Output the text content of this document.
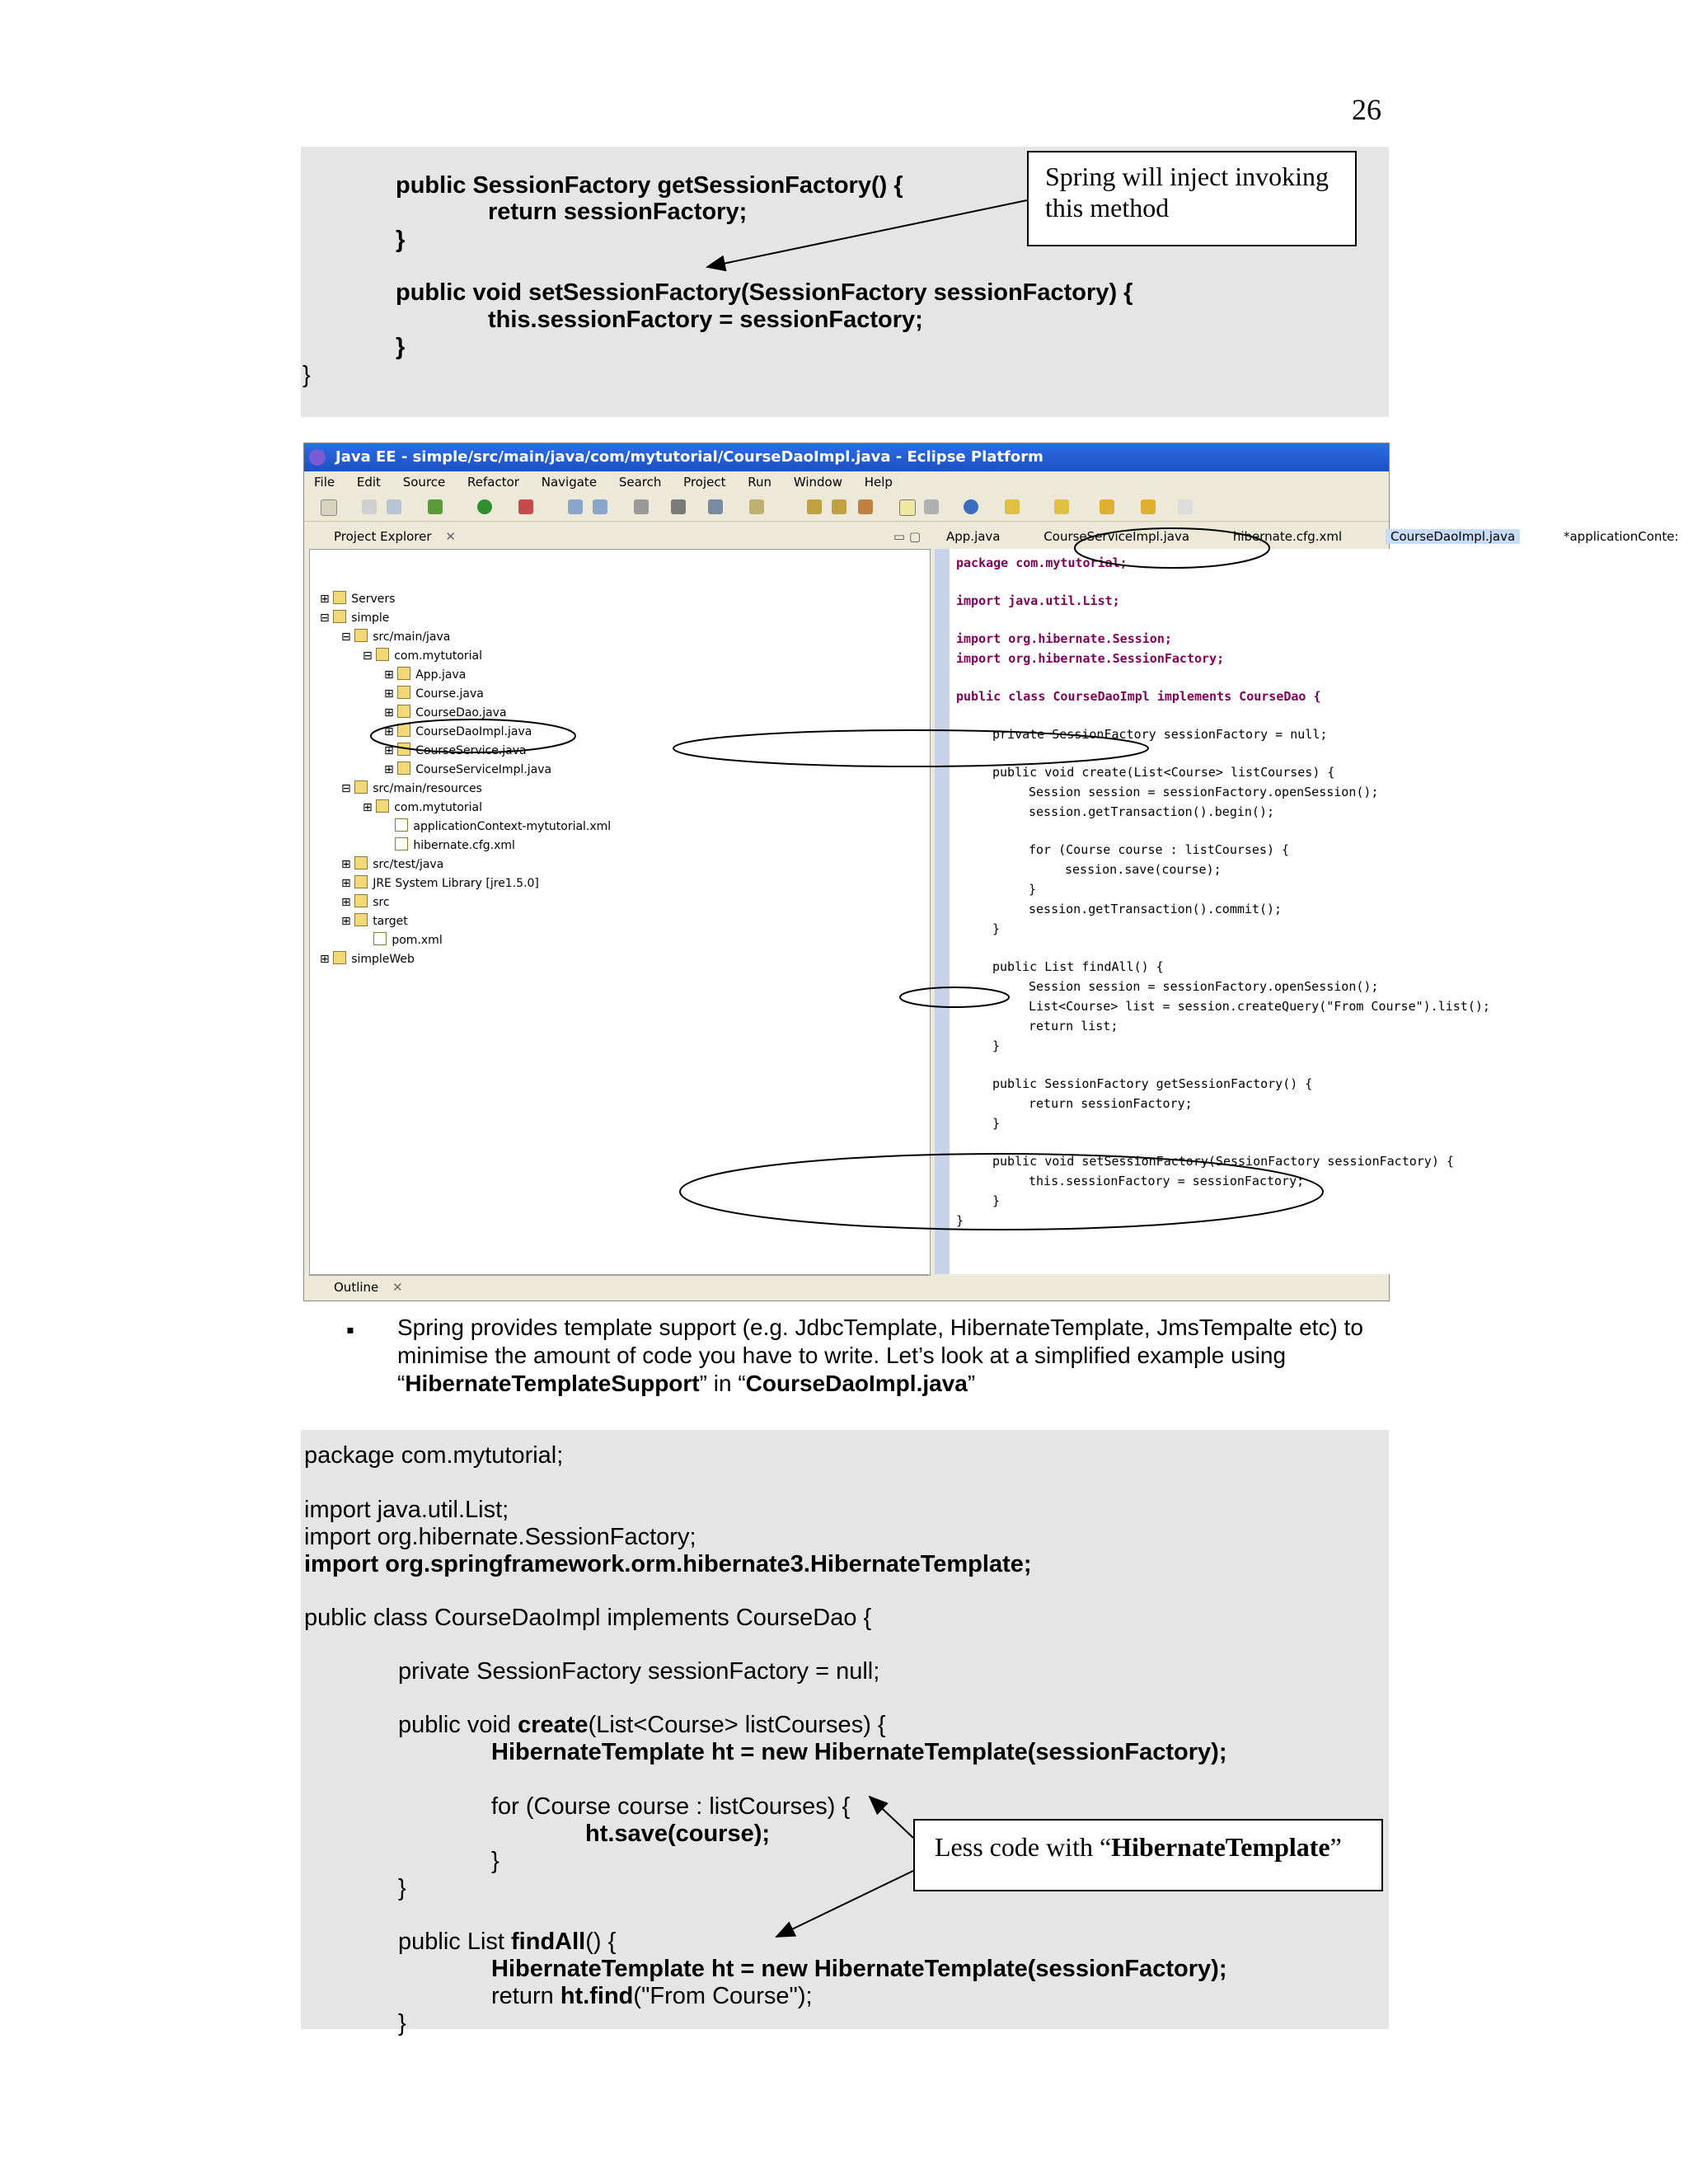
26
public SessionFactory getSessionFactory() {
return sessionFactory;
}
public void setSessionFactory(SessionFactory sessionFactory) {
this.sessionFactory = sessionFactory;
}
}
Spring will inject invoking this method
Java EE - simple/src/main/java/com/mytutorial/CourseDaoImpl.java - Eclipse Platform
File Edit Source Refactor Navigate Search Project Run Window Help
Project Explorer ✕	▭ ▢
⊞ Servers
⊟ simple
⊟ src/main/java
⊟ com.mytutorial
⊞ App.java
⊞ Course.java
⊞ CourseDao.java
⊞ CourseDaoImpl.java
⊞ CourseService.java
⊞ CourseServiceImpl.java
⊟ src/main/resources
⊞ com.mytutorial
applicationContext-mytutorial.xml
hibernate.cfg.xml
⊞ src/test/java
⊞ JRE System Library [jre1.5.0]
⊞ src
⊞ target
pom.xml
⊞ simpleWeb
Outline ✕
App.java	CourseServiceImpl.java	hibernate.cfg.xml	CourseDaoImpl.java	*applicationConte:
package com.mytutorial;
import java.util.List;
import org.hibernate.Session;
import org.hibernate.SessionFactory;
public class CourseDaoImpl implements CourseDao {
private SessionFactory sessionFactory = null;
public void create(List<Course> listCourses) {
Session session = sessionFactory.openSession();
session.getTransaction().begin();
for (Course course : listCourses) {
session.save(course);
}
session.getTransaction().commit();
}
public List findAll() {
Session session = sessionFactory.openSession();
List<Course> list = session.createQuery("From Course").list();
return list;
}
public SessionFactory getSessionFactory() {
return sessionFactory;
}
public void setSessionFactory(SessionFactory sessionFactory) {
this.sessionFactory = sessionFactory;
}
}
▪ Spring provides template support (e.g. JdbcTemplate, HibernateTemplate, JmsTempalte etc) to minimise the amount of code you have to write. Let’s look at a simplified example using “HibernateTemplateSupport” in “CourseDaoImpl.java”
package com.mytutorial;
import java.util.List;
import org.hibernate.SessionFactory;
import org.springframework.orm.hibernate3.HibernateTemplate;
public class CourseDaoImpl implements CourseDao {
private SessionFactory sessionFactory = null;
public void create(List<Course> listCourses) {
HibernateTemplate ht = new HibernateTemplate(sessionFactory);
for (Course course : listCourses) {
ht.save(course);
}
}
public List findAll() {
HibernateTemplate ht = new HibernateTemplate(sessionFactory);
return ht.find("From Course");
}
Less code with “HibernateTemplate”
